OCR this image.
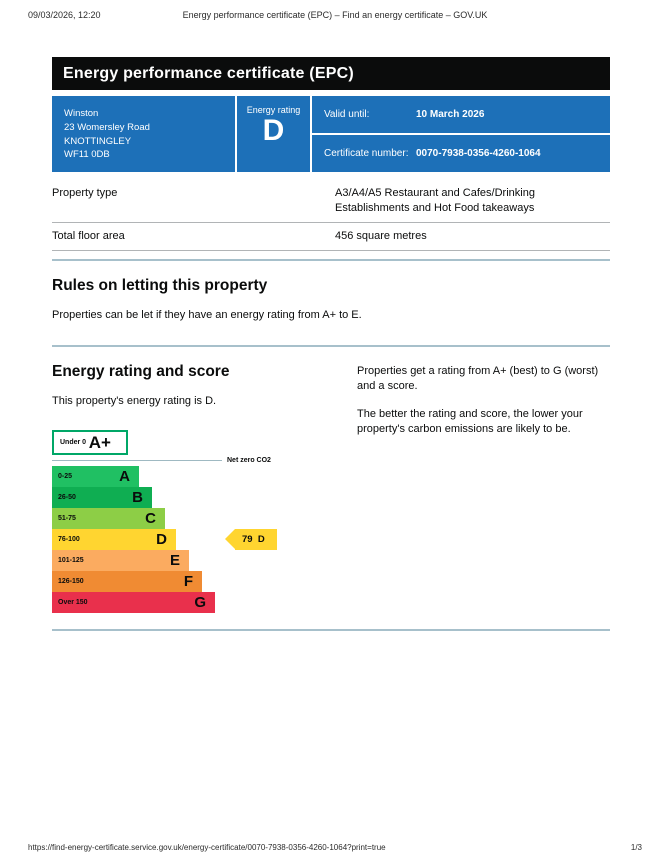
09/03/2026, 12:20	Energy performance certificate (EPC) – Find an energy certificate – GOV.UK
Energy performance certificate (EPC)
Winston
23 Womersley Road
KNOTTINGLEY
WF11 0DB
Energy rating
D	Valid until:	10 March 2026
Certificate number: 0070-7938-0356-4260-1064
Property type	A3/A4/A5 Restaurant and Cafes/Drinking Establishments and Hot Food takeaways
Total floor area	456 square metres
Rules on letting this property

Properties can be let if they have an energy rating from A+ to E.

Energy rating and score

This property's energy rating is D.

Under 0 A+
Net zero CO2
0-25	A
26-50	B
51-75	C
76-100	D	79  D
101-125	E
126-150	F
Over 150	G

Properties get a rating from A+ (best) to G (worst) and a score.

The better the rating and score, the lower your property's carbon emissions are likely to be.

https://find-energy-certificate.service.gov.uk/energy-certificate/0070-7938-0356-4260-1064?print=true	1/3
